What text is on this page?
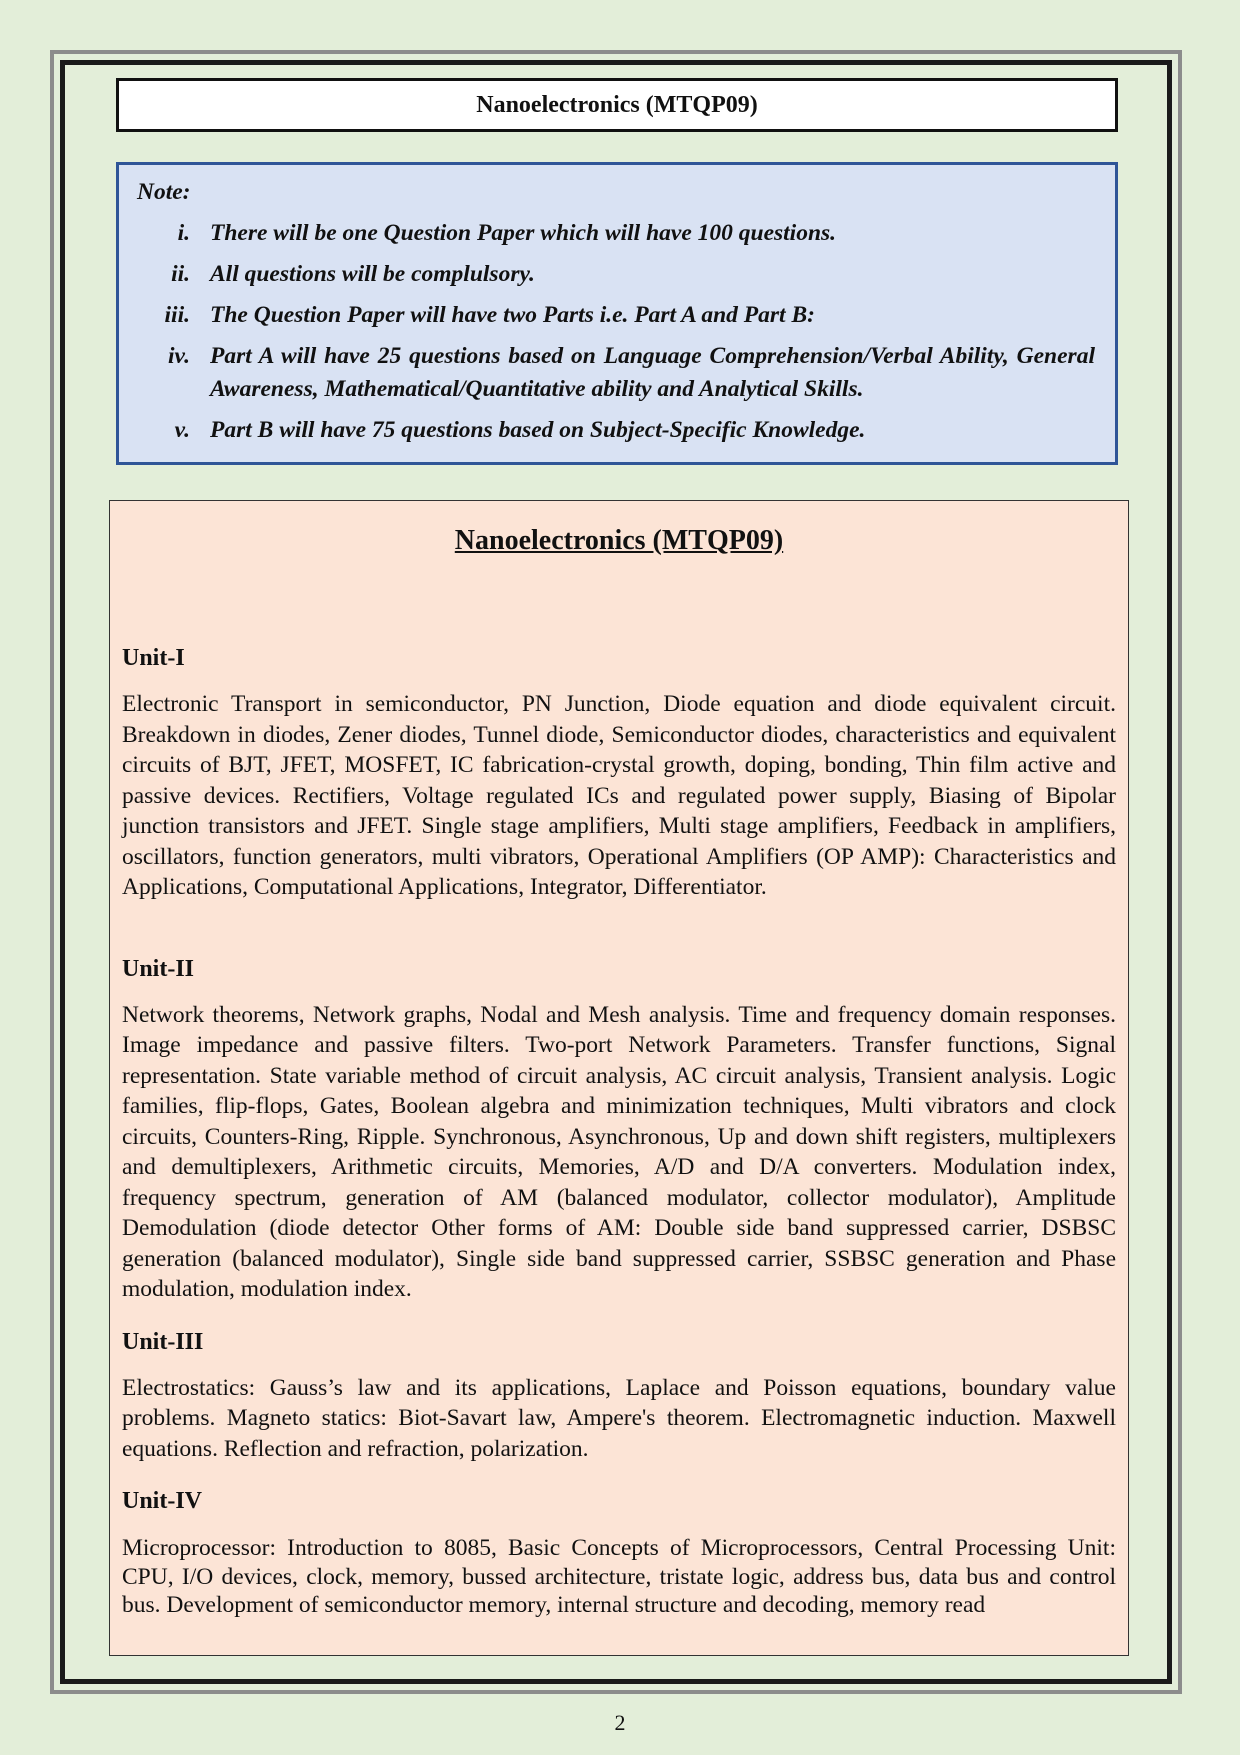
Nanoelectronics (MTQP09)

Note:

i. There will be one Question Paper which will have 100 questions.
ii. All questions will be complulsory.
iii. The Question Paper will have two Parts i.e. Part A and Part B:
iv. Part A will have 25 questions based on Language Comprehension/Verbal Ability, General Awareness, Mathematical/Quantitative ability and Analytical Skills.
v. Part B will have 75 questions based on Subject-Specific Knowledge.
Nanoelectronics (MTQP09)
Unit-I

Electronic Transport in semiconductor, PN Junction, Diode equation and diode equivalent circuit. Breakdown in diodes, Zener diodes, Tunnel diode, Semiconductor diodes, characteristics and equivalent circuits of BJT, JFET, MOSFET, IC fabrication-crystal growth, doping, bonding, Thin film active and passive devices. Rectifiers, Voltage regulated ICs and regulated power supply, Biasing of Bipolar junction transistors and JFET. Single stage amplifiers, Multi stage amplifiers, Feedback in amplifiers, oscillators, function generators, multi vibrators, Operational Amplifiers (OP AMP): Characteristics and Applications, Computational Applications, Integrator, Differentiator.

Unit-II

Network theorems, Network graphs, Nodal and Mesh analysis. Time and frequency domain responses. Image impedance and passive filters. Two-port Network Parameters. Transfer functions, Signal representation. State variable method of circuit analysis, AC circuit analysis, Transient analysis. Logic families, flip-flops, Gates, Boolean algebra and minimization techniques, Multi vibrators and clock circuits, Counters-Ring, Ripple. Synchronous, Asynchronous, Up and down shift registers, multiplexers and demultiplexers, Arithmetic circuits, Memories, A/D and D/A converters. Modulation index, frequency spectrum, generation of AM (balanced modulator, collector modulator), Amplitude Demodulation (diode detector Other forms of AM: Double side band suppressed carrier, DSBSC generation (balanced modulator), Single side band suppressed carrier, SSBSC generation and Phase modulation, modulation index.

Unit-III

Electrostatics: Gauss’s law and its applications, Laplace and Poisson equations, boundary value problems. Magneto statics: Biot-Savart law, Ampere's theorem. Electromagnetic induction. Maxwell equations. Reflection and refraction, polarization.

Unit-IV

Microprocessor: Introduction to 8085, Basic Concepts of Microprocessors, Central Processing Unit: CPU, I/O devices, clock, memory, bussed architecture, tristate logic, address bus, data bus and control bus. Development of semiconductor memory, internal structure and decoding, memory read

2
